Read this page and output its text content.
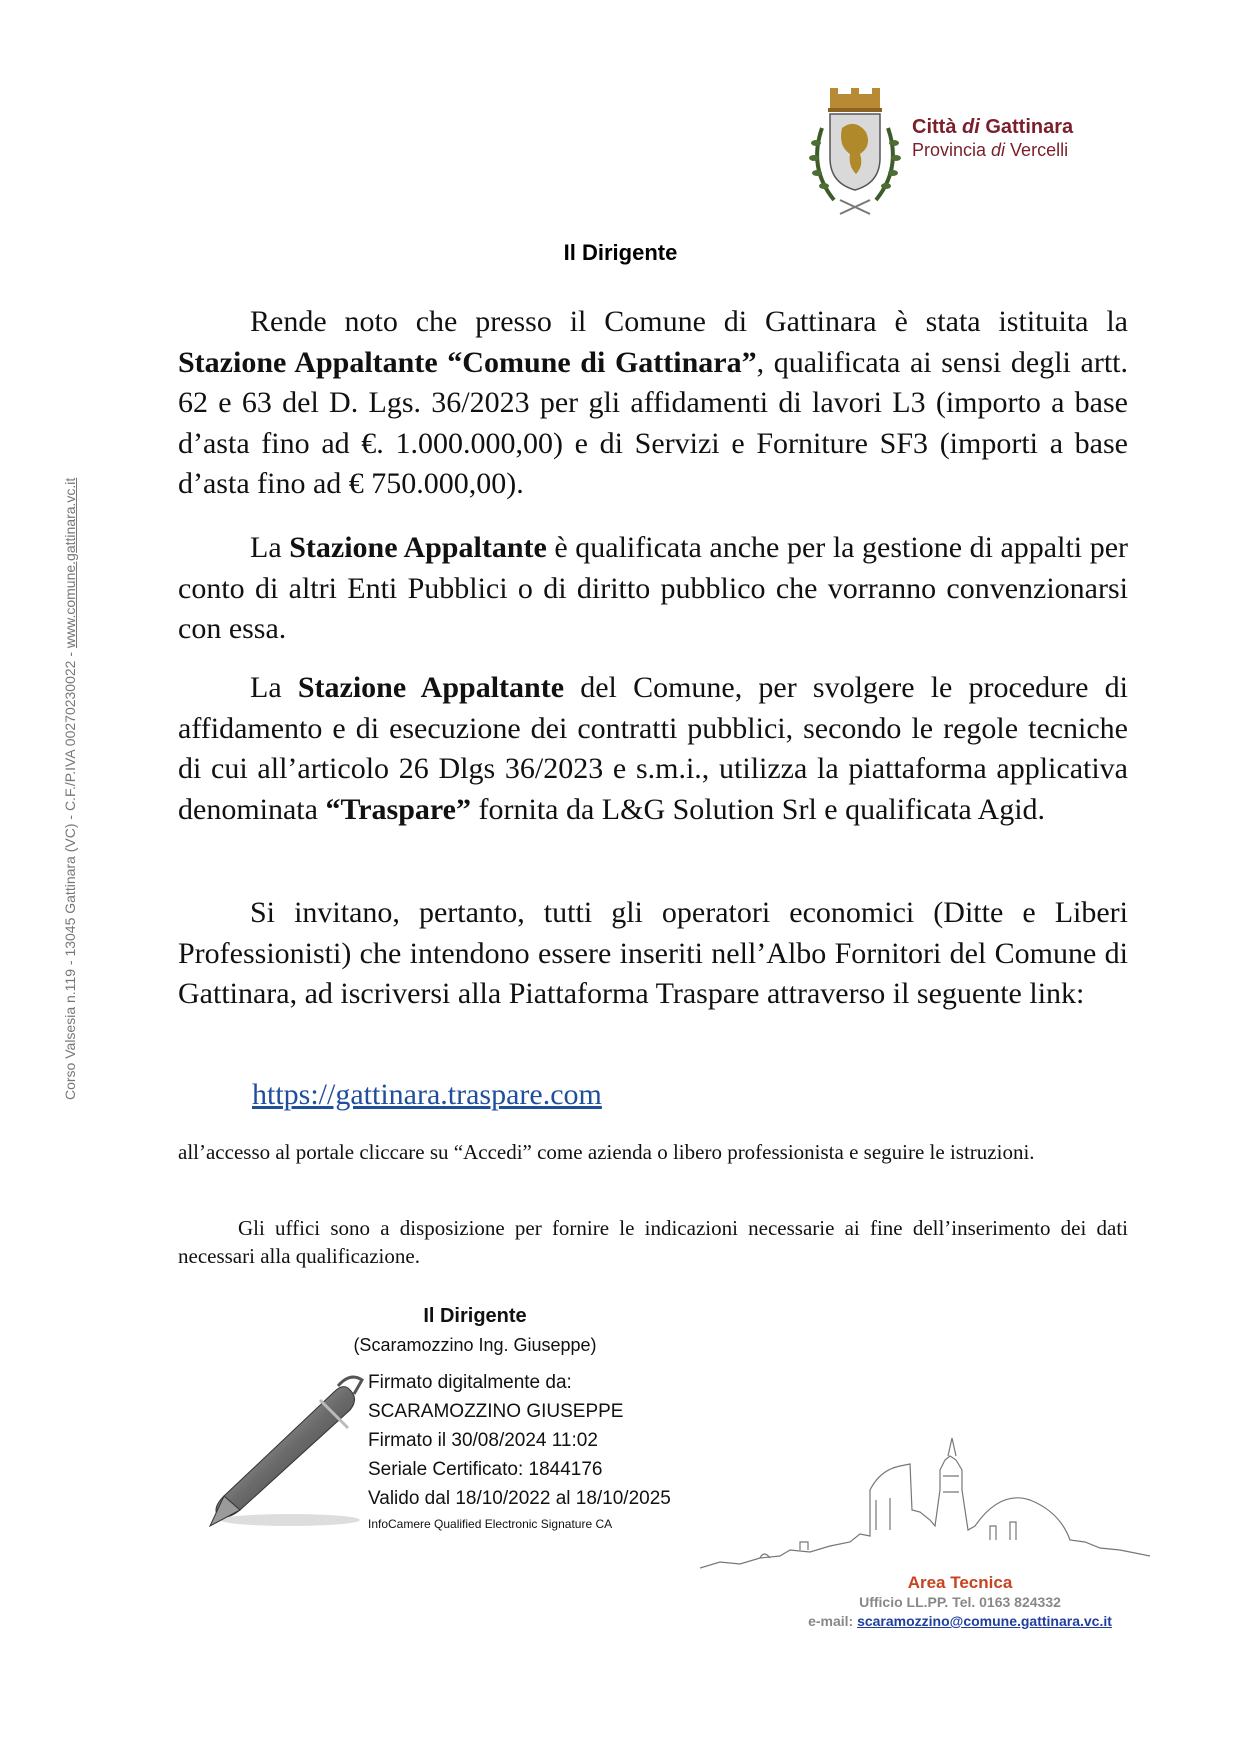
Città di Gattinara
Provincia di Vercelli
Corso Valsesia n.119 - 13045 Gattinara (VC) - C.F./P.IVA 00270230022 - www.comune.gattinara.vc.it
Il Dirigente

Rende noto che presso il Comune di Gattinara è stata istituita la Stazione Appaltante “Comune di Gattinara”, qualificata ai sensi degli artt. 62 e 63 del D. Lgs. 36/2023 per gli affidamenti di lavori L3 (importo a base d’asta fino ad €. 1.000.000,00) e di Servizi e Forniture SF3 (importi a base d’asta fino ad € 750.000,00).

La Stazione Appaltante è qualificata anche per la gestione di appalti per conto di altri Enti Pubblici o di diritto pubblico che vorranno convenzionarsi con essa.

La Stazione Appaltante del Comune, per svolgere le procedure di affidamento e di esecuzione dei contratti pubblici, secondo le regole tecniche di cui all’articolo 26 Dlgs 36/2023 e s.m.i., utilizza la piattaforma applicativa denominata “Traspare” fornita da L&G Solution Srl e qualificata Agid.

Si invitano, pertanto, tutti gli operatori economici (Ditte e Liberi Professionisti) che intendono essere inseriti nell’Albo Fornitori del Comune di Gattinara, ad iscriversi alla Piattaforma Traspare attraverso il seguente link:

https://gattinara.traspare.com

all’accesso al portale cliccare su “Accedi” come azienda o libero professionista e seguire le istruzioni.

Gli uffici sono a disposizione per fornire le indicazioni necessarie ai fine dell’inserimento dei dati necessari alla qualificazione.

Il Dirigente
(Scaramozzino Ing. Giuseppe)
Firmato digitalmente da:
SCARAMOZZINO GIUSEPPE
Firmato il 30/08/2024 11:02
Seriale Certificato: 1844176
Valido dal 18/10/2022 al 18/10/2025
InfoCamere Qualified Electronic Signature CA
Area Tecnica
Ufficio LL.PP. Tel. 0163 824332
e-mail: scaramozzino@comune.gattinara.vc.it
